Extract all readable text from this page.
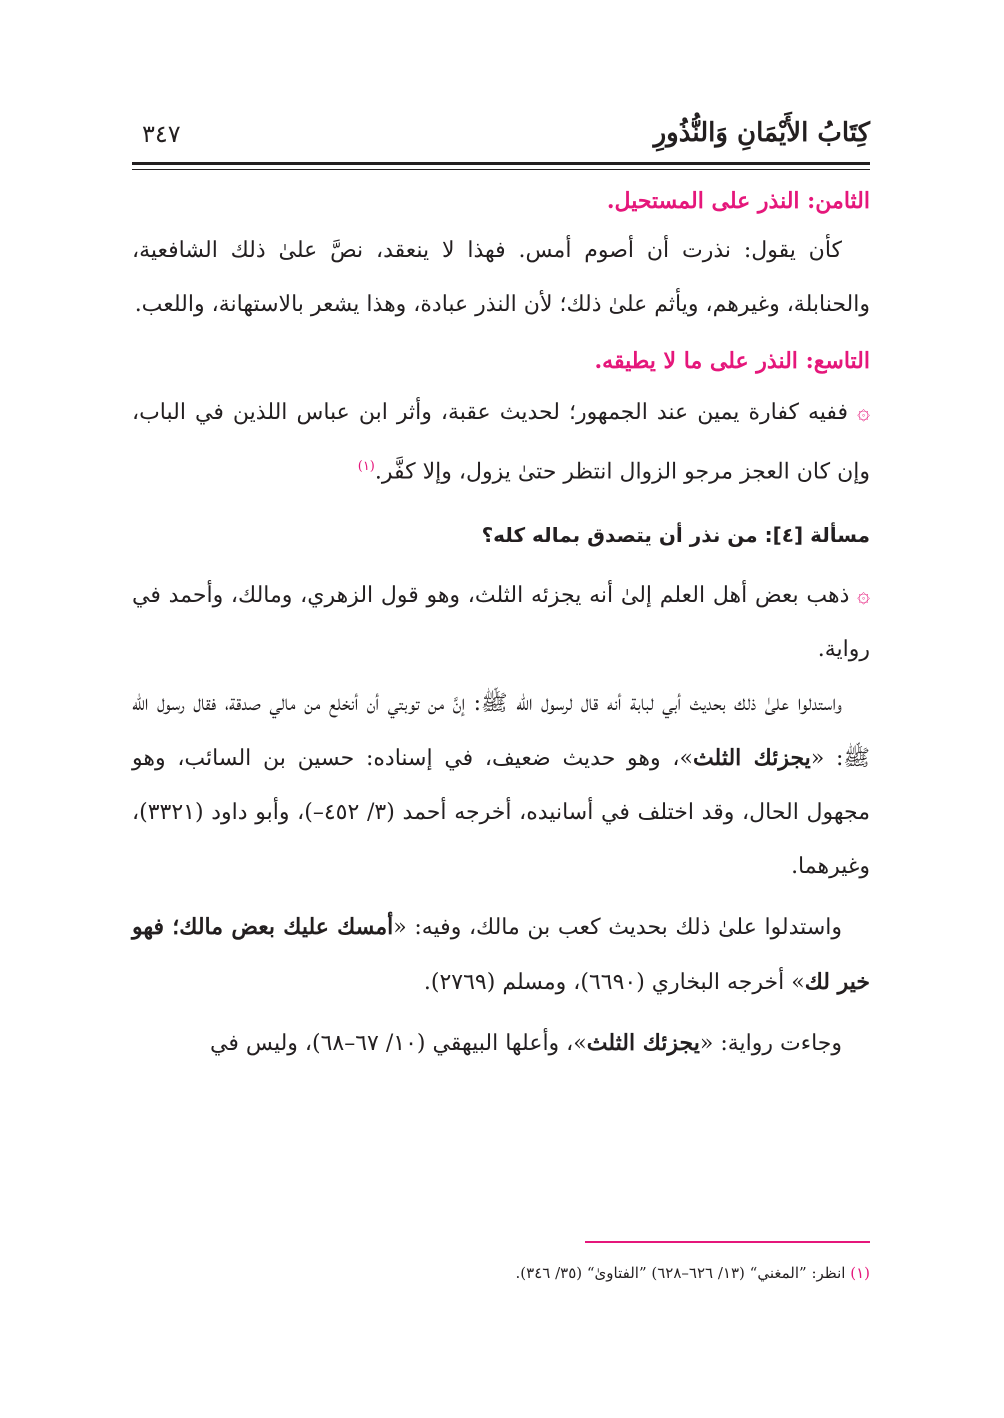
كِتَابُ الأَيْمَانِ وَالنُّذُورِ
٣٤٧

الثامن: النذر على المستحيل.

كأن يقول: نذرت أن أصوم أمس. فهذا لا ينعقد، نصَّ علىٰ ذلك الشافعية، والحنابلة، وغيرهم، ويأثم علىٰ ذلك؛ لأن النذر عبادة، وهذا يشعر بالاستهانة، واللعب.

التاسع: النذر على ما لا يطيقه.

۞ ففيه كفارة يمين عند الجمهور؛ لحديث عقبة، وأثر ابن عباس اللذين في الباب، وإن كان العجز مرجو الزوال انتظر حتىٰ يزول، وإلا كفَّر.$^{(١)}$

مسألة [٤]: من نذر أن يتصدق بماله كله؟

۞ ذهب بعض أهل العلم إلىٰ أنه يجزئه الثلث، وهو قول الزهري، ومالك، وأحمد في رواية.

واستدلوا علىٰ ذلك بحديث أبي لبابة أنه قال لرسول الله ﷺ: إنَّ من توبتي أن أنخلع من مالي صدقة، فقال رسول الله ﷺ: «يجزئك الثلث»، وهو حديث ضعيف، في إسناده: حسين بن السائب، وهو مجهول الحال، وقد اختلف في أسانيده، أخرجه أحمد (٣/ ٤٥٢–)، وأبو داود (٣٣٢١)، وغيرهما.

واستدلوا علىٰ ذلك بحديث كعب بن مالك، وفيه: «أمسك عليك بعض مالك؛ فهو خير لك» أخرجه البخاري (٦٦٩٠)، ومسلم (٢٧٦٩).

وجاءت رواية: «يجزئك الثلث»، وأعلها البيهقي (١٠/ ٦٧–٦٨)، وليس في

(١) انظر: ”المغني“ (١٣/ ٦٢٦–٦٢٨) ”الفتاوىٰ“ (٣٥/ ٣٤٦).
